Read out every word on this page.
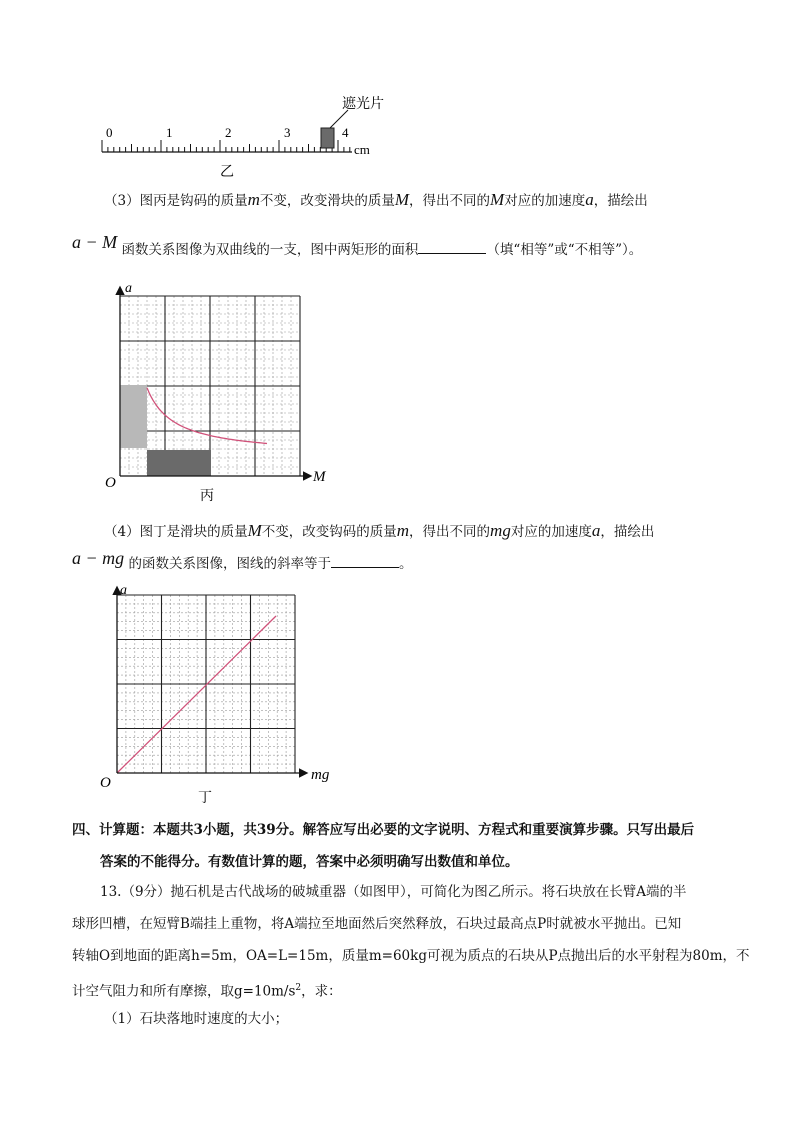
遮光片
0	1	2	3	4
cm
乙
（3）图丙是钩码的质量m不变，改变滑块的质量M，得出不同的M对应的加速度a，描绘出
a − M 函数关系图像为双曲线的一支，图中两矩形的面积	（填“相等”或“不相等”）。
a
M
O
丙
（4）图丁是滑块的质量M不变，改变钩码的质量m，得出不同的mg对应的加速度a，描绘出
a − mg 的函数关系图像，图线的斜率等于	。
a
mg
O
丁
四、计算题：本题共3小题，共39分。解答应写出必要的文字说明、方程式和重要演算步骤。只写出最后
答案的不能得分。有数值计算的题，答案中必须明确写出数值和单位。
13.（9分）抛石机是古代战场的破城重器（如图甲），可简化为图乙所示。将石块放在长臂A端的半
球形凹槽，在短臂B端挂上重物，将A端拉至地面然后突然释放，石块过最高点P时就被水平抛出。已知
转轴O到地面的距离h=5m，OA=L=15m，质量m=60kg可视为质点的石块从P点抛出后的水平射程为80m，不
计空气阻力和所有摩擦，取$g=10m/s^2$，求：
（1）石块落地时速度的大小；
